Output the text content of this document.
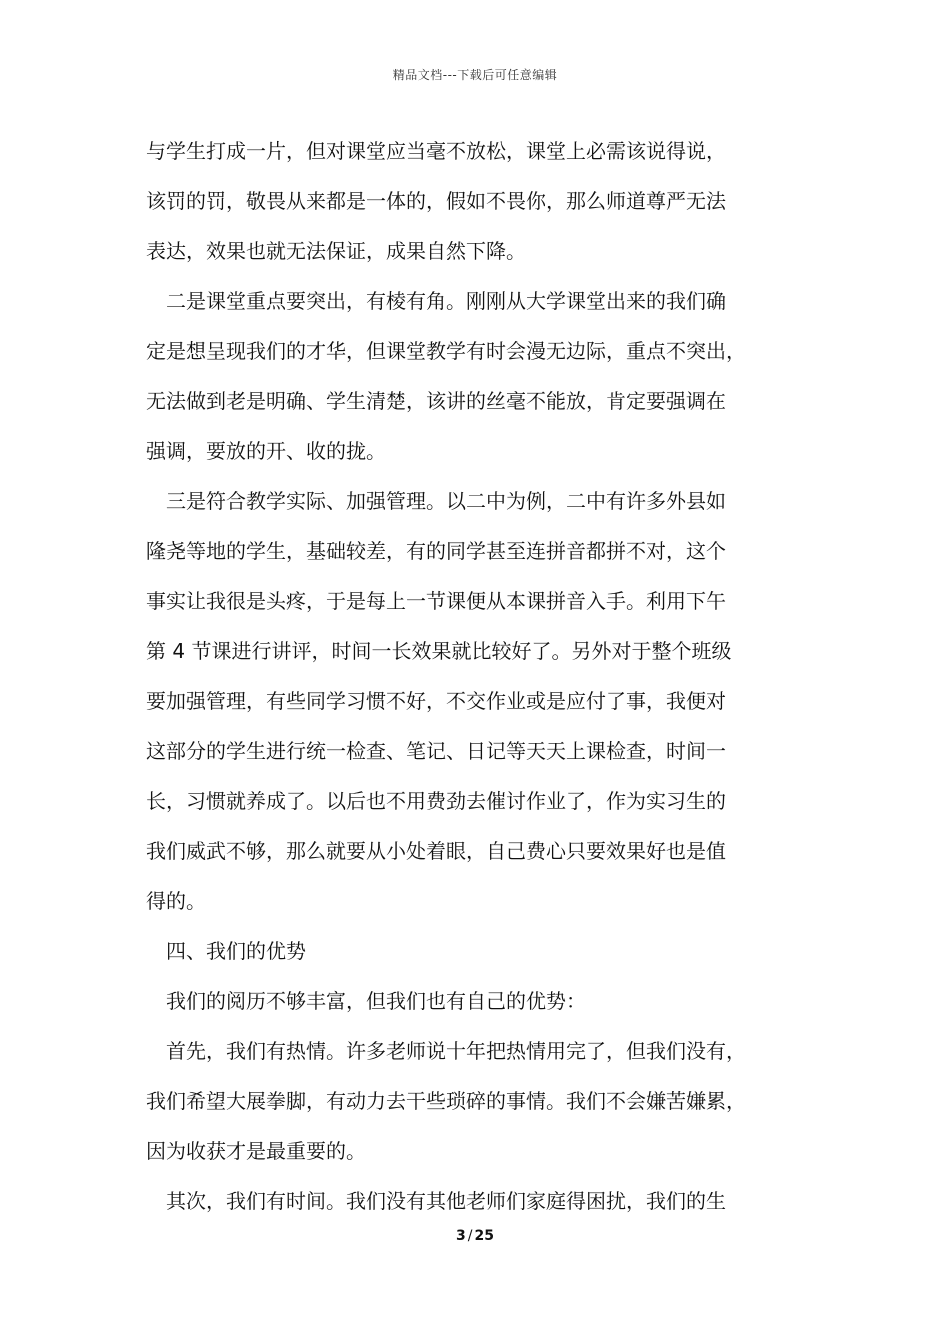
精品文档---下载后可任意编辑
与学生打成一片，但对课堂应当毫不放松，课堂上必需该说得说，
该罚的罚，敬畏从来都是一体的，假如不畏你，那么师道尊严无法
表达，效果也就无法保证，成果自然下降。
二是课堂重点要突出，有棱有角。刚刚从大学课堂出来的我们确
定是想呈现我们的才华，但课堂教学有时会漫无边际，重点不突出，
无法做到老是明确、学生清楚，该讲的丝毫不能放，肯定要强调在
强调，要放的开、收的拢。
三是符合教学实际、加强管理。以二中为例，二中有许多外县如
隆尧等地的学生，基础较差，有的同学甚至连拼音都拼不对，这个
事实让我很是头疼，于是每上一节课便从本课拼音入手。利用下午
第 4 节课进行讲评，时间一长效果就比较好了。另外对于整个班级
要加强管理，有些同学习惯不好，不交作业或是应付了事，我便对
这部分的学生进行统一检查、笔记、日记等天天上课检查，时间一
长，习惯就养成了。以后也不用费劲去催讨作业了，作为实习生的
我们威武不够，那么就要从小处着眼，自己费心只要效果好也是值
得的。
四、我们的优势
我们的阅历不够丰富，但我们也有自己的优势：
首先，我们有热情。许多老师说十年把热情用完了，但我们没有，
我们希望大展拳脚，有动力去干些琐碎的事情。我们不会嫌苦嫌累，
因为收获才是最重要的。
其次，我们有时间。我们没有其他老师们家庭得困扰，我们的生
3 / 25
